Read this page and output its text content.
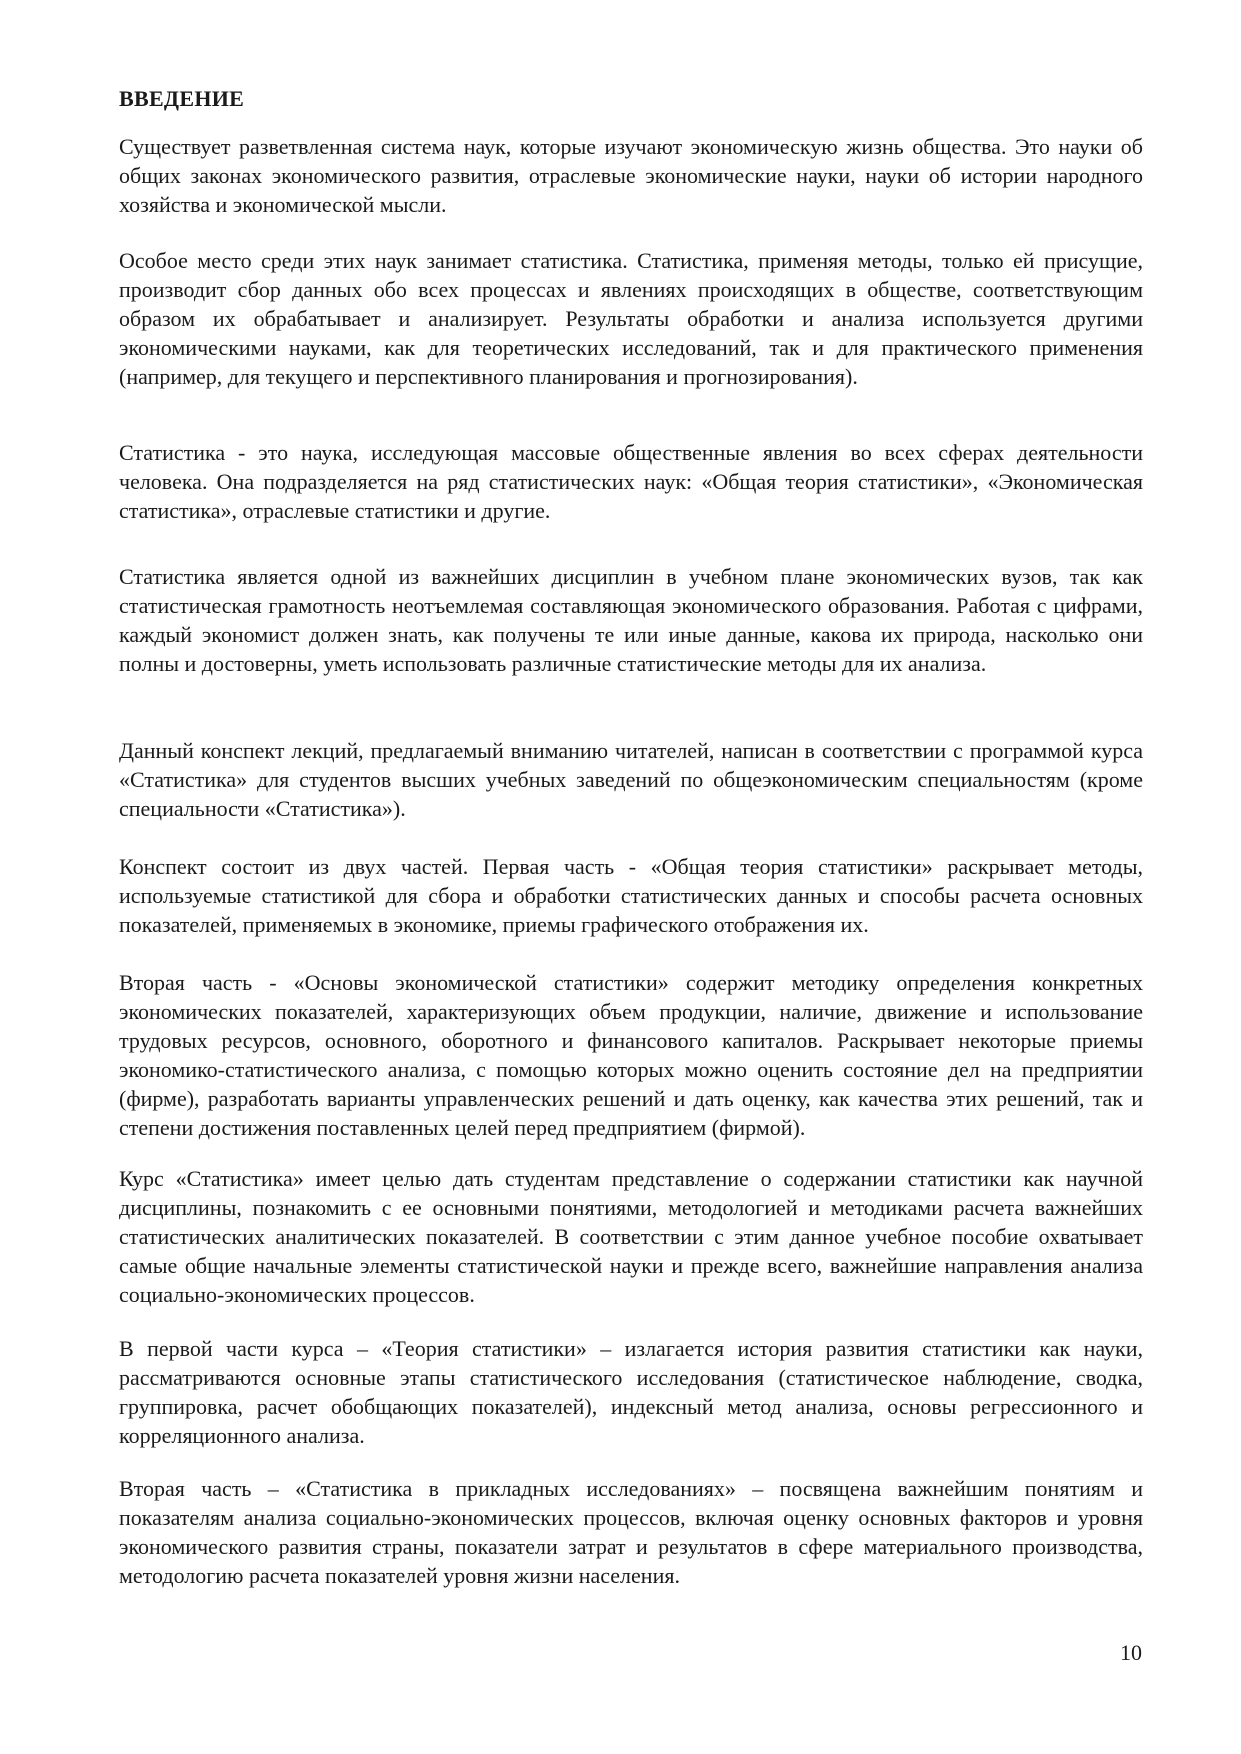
ВВЕДЕНИЕ

Существует разветвленная система наук, которые изучают экономическую жизнь общества. Это науки об общих законах экономического развития, отраслевые экономические науки, науки об истории народного хозяйства и экономической мысли.

Особое место среди этих наук занимает статистика. Статистика, применяя методы, только ей присущие, производит сбор данных обо всех процессах и явлениях происходящих в обществе, соответствующим образом их обрабатывает и анализирует. Результаты обработки и анализа используется другими экономическими науками, как для теоретических исследований, так и для практического применения (например, для текущего и перспективного планирования и прогнозирования).

Статистика - это наука, исследующая массовые общественные явления во всех сферах деятельности человека. Она подразделяется на ряд статистических наук: «Общая теория статистики», «Экономическая статистика», отраслевые статистики и другие.

Статистика является одной из важнейших дисциплин в учебном плане экономических вузов, так как статистическая грамотность неотъемлемая составляющая экономического образования. Работая с цифрами, каждый экономист должен знать, как получены те или иные данные, какова их природа, насколько они полны и достоверны, уметь использовать различные статистические методы для их анализа.

Данный конспект лекций, предлагаемый вниманию читателей, написан в соответствии с программой курса «Статистика» для студентов высших учебных заведений по общеэкономическим специальностям (кроме специальности «Статистика»).

Конспект состоит из двух частей. Первая часть - «Общая теория статистики» раскрывает методы, используемые статистикой для сбора и обработки статистических данных и способы расчета основных показателей, применяемых в экономике, приемы графического отображения их.

Вторая часть - «Основы экономической статистики» содержит методику определения конкретных экономических показателей, характеризующих объем продукции, наличие, движение и использование трудовых ресурсов, основного, оборотного и финансового капиталов. Раскрывает некоторые приемы экономико-статистического анализа, с помощью которых можно оценить состояние дел на предприятии (фирме), разработать варианты управленческих решений и дать оценку, как качества этих решений, так и степени достижения поставленных целей перед предприятием (фирмой).

Курс «Статистика» имеет целью дать студентам представление о содержании статистики как научной дисциплины, познакомить с ее основными понятиями, методологией и методиками расчета важнейших статистических аналитических показателей. В соответствии с этим данное учебное пособие охватывает самые общие начальные элементы статистической науки и прежде всего, важнейшие направления анализа социально-экономических процессов.

В первой части курса – «Теория статистики» – излагается история развития статистики как науки, рассматриваются основные этапы статистического исследования (статистическое наблюдение, сводка, группировка, расчет обобщающих показателей), индексный метод анализа, основы регрессионного и корреляционного анализа.

Вторая часть – «Статистика в прикладных исследованиях» – посвящена важнейшим понятиям и показателям анализа социально-экономических процессов, включая оценку основных факторов и уровня экономического развития страны, показатели затрат и результатов в сфере материального производства, методологию расчета показателей уровня жизни населения.

10
